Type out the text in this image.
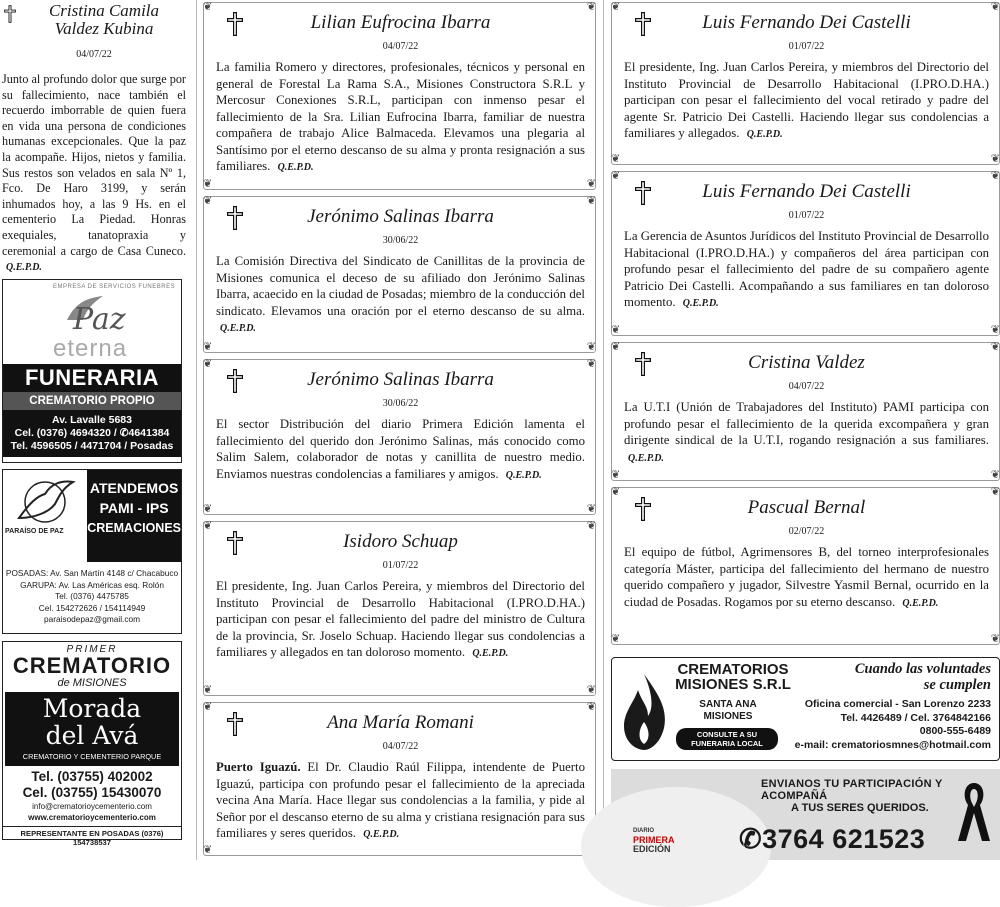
Cristina Camila
Valdez Kubina
04/07/22
Junto al profundo dolor que surge por su fallecimiento, nace también el recuerdo imborrable de quien fuera en vida una persona de condiciones humanas excepcionales. Que la paz la acompañe. Hijos, nietos y familia. Sus restos son velados en sala Nº 1, Fco. De Haro 3199, y serán inhumados hoy, a las 9 Hs. en el cementerio La Piedad. Honras exequiales, tanatopraxia y ceremonial a cargo de Casa Cuneco. Q.E.P.D.
EMPRESA DE SERVICIOS FUNEBRES
Paz
eterna
FUNERARIA
CREMATORIO PROPIO
Av. Lavalle 5683
Cel. (0376) 4694320 / ✆4641384
Tel. 4596505 / 4471704 / Posadas
PARAÍSO DE PAZ
ATENDEMOS
PAMI - IPS
CREMACIONES
POSADAS: Av. San Martín 4148 c/ Chacabuco
GARUPA: Av. Las Américas esq. Rolón
Tel. (0376) 4475785
Cel. 154272626 / 154114949
paraisodepaz@gmail.com
PRIMER
CREMATORIO
de MISIONES
Morada
del Avá
CREMATORIO Y CEMENTERIO PARQUE
Tel. (03755) 402002
Cel. (03755) 15430070
info@crematorioycementerio.com
www.crematorioycementerio.com
REPRESENTANTE EN POSADAS (0376) 154738537
❦	❦
❦	❦
Lilian Eufrocina Ibarra
04/07/22
La familia Romero y directores, profesionales, técnicos y personal en general de Forestal La Rama S.A., Misiones Constructora S.R.L y Mercosur Conexiones S.R.L, participan con inmenso pesar el fallecimiento de la Sra. Lilian Eufrocina Ibarra, familiar de nuestra compañera de trabajo Alice Balmaceda. Elevamos una plegaria al Santísimo por el eterno descanso de su alma y pronta resignación a sus familiares. Q.E.P.D.
❦	❦
❦	❦
Jerónimo Salinas Ibarra
30/06/22
La Comisión Directiva del Sindicato de Canillitas de la provincia de Misiones comunica el deceso de su afiliado don Jerónimo Salinas Ibarra, acaecido en la ciudad de Posadas; miembro de la conducción del sindicato. Elevamos una oración por el eterno descanso de su alma. Q.E.P.D.
❦	❦
❦	❦
Jerónimo Salinas Ibarra
30/06/22
El sector Distribución del diario Primera Edición lamenta el fallecimiento del querido don Jerónimo Salinas, más conocido como Salim Salem, colaborador de notas y canillita de nuestro medio. Enviamos nuestras condolencias a familiares y amigos. Q.E.P.D.
❦	❦
❦	❦
Isidoro Schuap
01/07/22
El presidente, Ing. Juan Carlos Pereira, y miembros del Directorio del Instituto Provincial de Desarrollo Habitacional (I.PRO.D.HA.) participan con pesar el fallecimiento del padre del ministro de Cultura de la provincia, Sr. Joselo Schuap. Haciendo llegar sus condolencias a familiares y allegados en tan doloroso momento. Q.E.P.D.
❦	❦
❦
Ana María Romani
04/07/22
Puerto Iguazú. El Dr. Claudio Raúl Filippa, intendente de Puerto Iguazú, participa con profundo pesar el fallecimiento de la apreciada vecina Ana María. Hace llegar sus condolencias a la familia, y pide al Señor por el descanso eterno de su alma y cristiana resignación para sus familiares y seres queridos. Q.E.P.D.
❦	❦
❦	❦
Luis Fernando Dei Castelli
01/07/22
El presidente, Ing. Juan Carlos Pereira, y miembros del Directorio del Instituto Provincial de Desarrollo Habitacional (I.PRO.D.HA.) participan con pesar el fallecimiento del vocal retirado y padre del agente Sr. Patricio Dei Castelli. Haciendo llegar sus condolencias a familiares y allegados. Q.E.P.D.
❦	❦
❦	❦
Luis Fernando Dei Castelli
01/07/22
La Gerencia de Asuntos Jurídicos del Instituto Provincial de Desarrollo Habitacional (I.PRO.D.HA.) y compañeros del área participan con profundo pesar el fallecimiento del padre de su compañero agente Patricio Dei Castelli. Acompañando a sus familiares en tan doloroso momento. Q.E.P.D.
❦	❦
❦	❦
Cristina Valdez
04/07/22
La U.T.I (Unión de Trabajadores del Instituto) PAMI participa con profundo pesar el fallecimiento de la querida excompañera y gran dirigente sindical de la U.T.I, rogando resignación a sus familiares. Q.E.P.D.
❦	❦
❦	❦
Pascual Bernal
02/07/22
El equipo de fútbol, Agrimensores B, del torneo interprofesionales categoría Máster, participa del fallecimiento del hermano de nuestro querido compañero y jugador, Silvestre Yasmil Bernal, ocurrido en la ciudad de Posadas. Rogamos por su eterno descanso. Q.E.P.D.
CREMATORIOS
MISIONES S.R.L
SANTA ANA
MISIONES
CONSULTE A SU
FUNERARIA LOCAL
Cuando las voluntades
se cumplen
Oficina comercial - San Lorenzo 2233
Tel. 4426489 / Cel. 3764842166
0800-555-6489
e-mail: crematoriosmnes@hotmail.com
ENVIANOS TU PARTICIPACIÓN Y ACOMPAÑÁ
A TUS SERES QUERIDOS.
✆3764 621523
DIARIO
PRIMERA
EDICIÓN
